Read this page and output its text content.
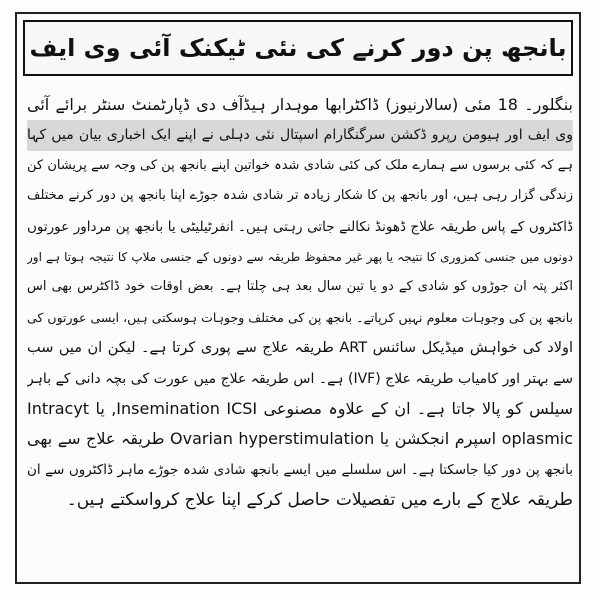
بانجھ پن دور کرنے کی نئی ٹیکنک آئی وی ایف
بنگلور۔ 18 مئی (سالارنیوز) ڈاکٹرابھا موہدار ہیڈآف دی ڈپارٹمنٹ سنٹر برائے آئی
وی ایف اور ہیومن رپرو ڈکشن سرگنگارام اسپتال نئی دہلی نے اپنے ایک اخباری بیان میں کہا
ہے کہ کئی برسوں سے ہمارے ملک کی کئی شادی شدہ خواتین اپنے بانجھ پن کی وجہ سے پریشان کن
زندگی گزار رہی ہیں، اور بانجھ پن کا شکار زیادہ تر شادی شدہ جوڑے اپنا بانجھ پن دور کرنے مختلف
ڈاکٹروں کے پاس طریقہ علاج ڈھونڈ نکالنے جاتی رہتی ہیں۔ انفرٹیلیٹی یا بانجھ پن مرداور عورتوں
دونوں میں جنسی کمزوری کا نتیجہ یا پھر غیر محفوظ طریقہ سے دونوں کے جنسی ملاپ کا نتیجہ ہوتا ہے اور
اکثر پتہ ان جوڑوں کو شادی کے دو یا تین سال بعد ہی چلتا ہے۔ بعض اوقات خود ڈاکٹرس بھی اس
بانجھ پن کی وجوہات معلوم نہیں کرپاتے۔ بانجھ پن کی مختلف وجوہات ہوسکتی ہیں، ایسی عورتوں کی
اولاد کی خواہش میڈیکل سائنس ART طریقہ علاج سے پوری کرتا ہے۔ لیکن ان میں سب
سے بہتر اور کامیاب طریقہ علاج (IVF) ہے۔ اس طریقہ علاج میں عورت کی بچہ دانی کے باہر
سیلس کو پالا جاتا ہے۔ ان کے علاوہ مصنوعی Insemination ICSI, یا Intracyt
oplasmic اسپرم انجکشن یا Ovarian hyperstimulation طریقہ علاج سے بھی
بانجھ پن دور کیا جاسکتا ہے۔ اس سلسلے میں ایسے بانجھ شادی شدہ جوڑے ماہر ڈاکٹروں سے ان
طریقہ علاج کے بارے میں تفصیلات حاصل کرکے اپنا علاج کرواسکتے ہیں۔
